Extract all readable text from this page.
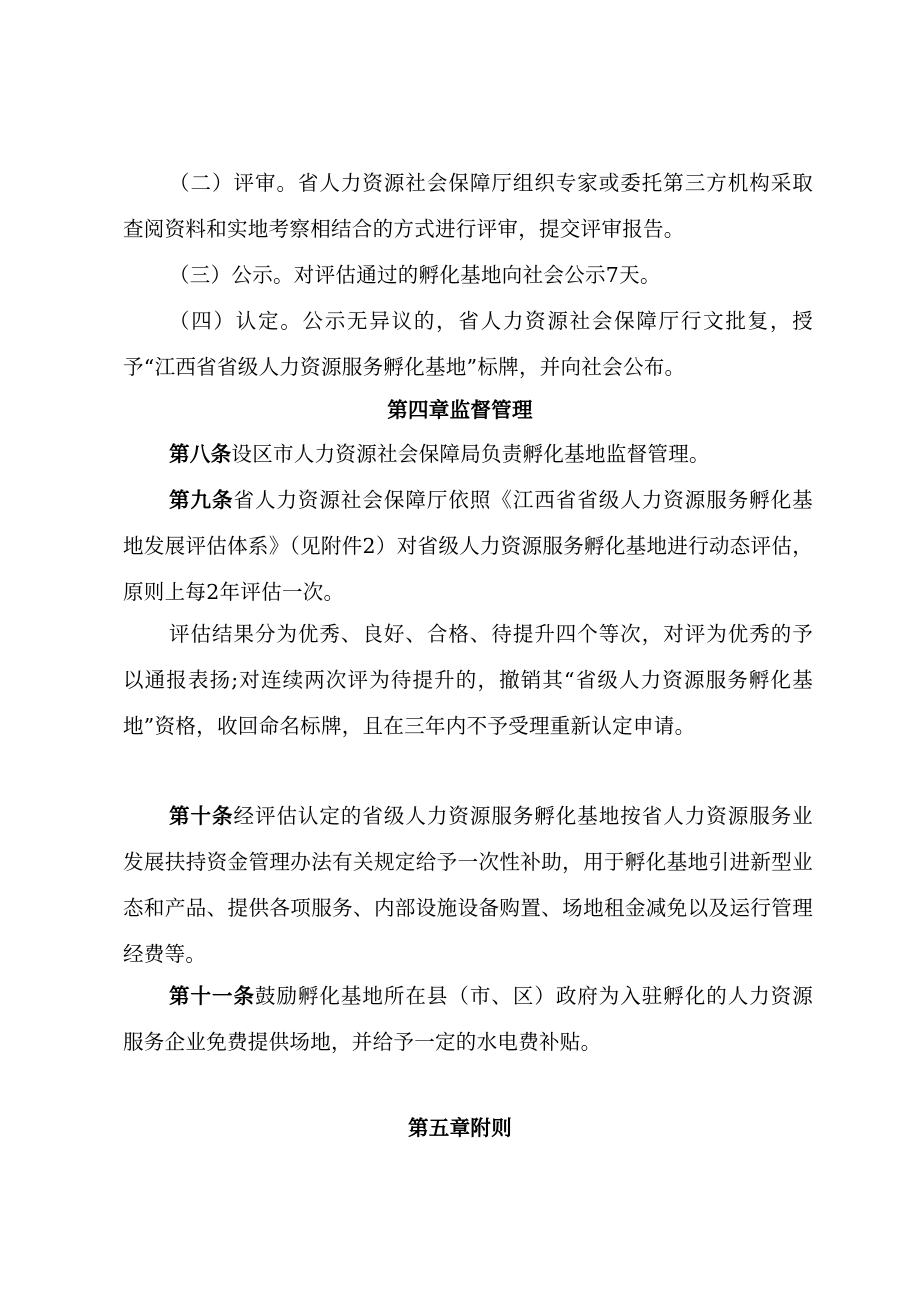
（二）评审。省人力资源社会保障厅组织专家或委托第三方机构采取查阅资料和实地考察相结合的方式进行评审，提交评审报告。

（三）公示。对评估通过的孵化基地向社会公示7天。

（四）认定。公示无异议的，省人力资源社会保障厅行文批复，授予“江西省省级人力资源服务孵化基地”标牌，并向社会公布。

第四章监督管理

第八条设区市人力资源社会保障局负责孵化基地监督管理。

第九条省人力资源社会保障厅依照《江西省省级人力资源服务孵化基地发展评估体系》（见附件2）对省级人力资源服务孵化基地进行动态评估，原则上每2年评估一次。

评估结果分为优秀、良好、合格、待提升四个等次，对评为优秀的予以通报表扬;对连续两次评为待提升的，撤销其“省级人力资源服务孵化基地”资格，收回命名标牌，且在三年内不予受理重新认定申请。

第十条经评估认定的省级人力资源服务孵化基地按省人力资源服务业发展扶持资金管理办法有关规定给予一次性补助，用于孵化基地引进新型业态和产品、提供各项服务、内部设施设备购置、场地租金减免以及运行管理经费等。

第十一条鼓励孵化基地所在县（市、区）政府为入驻孵化的人力资源服务企业免费提供场地，并给予一定的水电费补贴。

第五章附则
